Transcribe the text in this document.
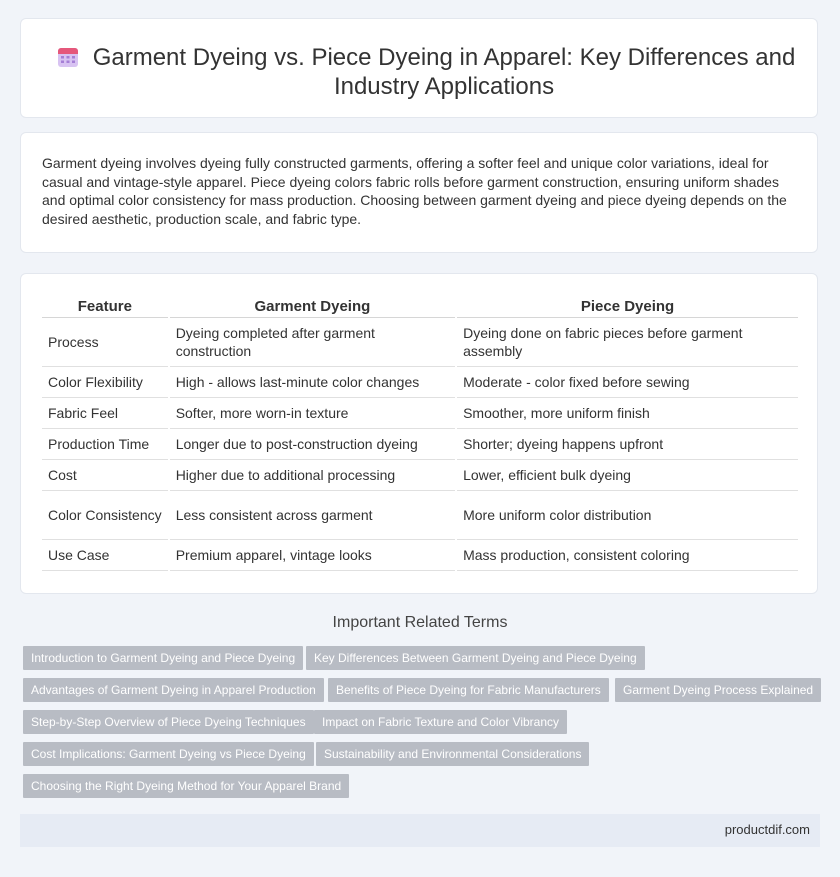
Garment Dyeing vs. Piece Dyeing in Apparel: Key Differences and Industry Applications

Garment dyeing involves dyeing fully constructed garments, offering a softer feel and unique color variations, ideal for casual and vintage-style apparel. Piece dyeing colors fabric rolls before garment construction, ensuring uniform shades and optimal color consistency for mass production. Choosing between garment dyeing and piece dyeing depends on the desired aesthetic, production scale, and fabric type.

Feature	Garment Dyeing	Piece Dyeing
Process	Dyeing completed after garment construction	Dyeing done on fabric pieces before garment assembly
Color Flexibility	High - allows last-minute color changes	Moderate - color fixed before sewing
Fabric Feel	Softer, more worn-in texture	Smoother, more uniform finish
Production Time	Longer due to post-construction dyeing	Shorter; dyeing happens upfront
Cost	Higher due to additional processing	Lower, efficient bulk dyeing
Color Consistency	Less consistent across garment	More uniform color distribution
Use Case	Premium apparel, vintage looks	Mass production, consistent coloring
Important Related Terms
Introduction to Garment Dyeing and Piece Dyeing	Key Differences Between Garment Dyeing and Piece Dyeing
Advantages of Garment Dyeing in Apparel Production	Benefits of Piece Dyeing for Fabric Manufacturers	Garment Dyeing Process Explained
Step-by-Step Overview of Piece Dyeing Techniques	Impact on Fabric Texture and Color Vibrancy
Cost Implications: Garment Dyeing vs Piece Dyeing	Sustainability and Environmental Considerations
Choosing the Right Dyeing Method for Your Apparel Brand
productdif.com
